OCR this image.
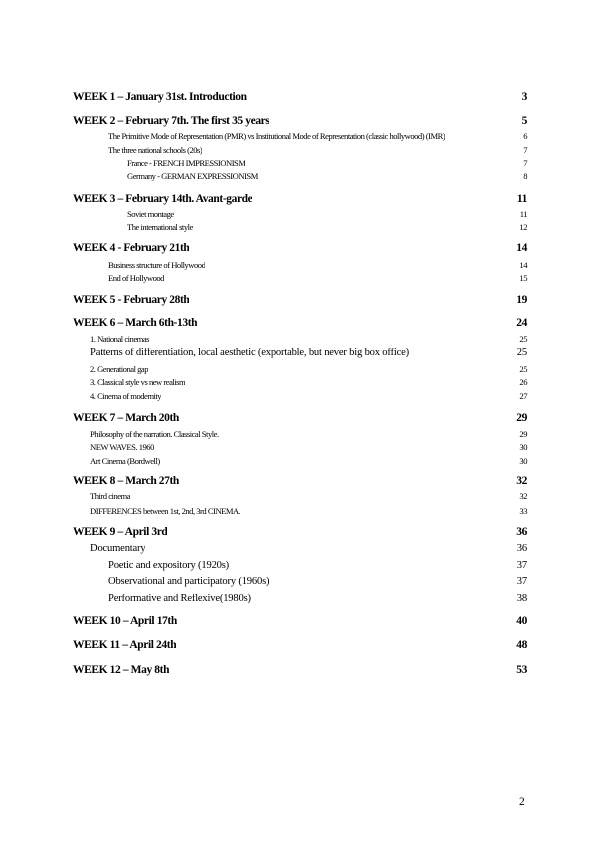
WEEK 1 – January 31st. Introduction	3
WEEK 2 – February 7th. The first 35 years	5
The Primitive Mode of Representation (PMR) vs Institutional Mode of Representation (classic hollywood) (IMR)	6
The three national schools (20s)	7
France - FRENCH IMPRESSIONISM	7
Germany - GERMAN EXPRESSIONISM	8
WEEK 3 – February 14th. Avant-garde	11
Soviet montage	11
The international style	12
WEEK 4 - February 21th	14
Business structure of Hollywood	14
End of Hollywood	15
WEEK 5 - February 28th	19
WEEK 6 – March 6th-13th	24
1. National cinemas	25
Patterns of differentiation, local aesthetic (exportable, but never big box office)	25
2. Generational gap	25
3. Classical style vs new realism	26
4. Cinema of modernity	27
WEEK 7 – March 20th	29
Philosophy of the narration. Classical Style.	29
NEW WAVES. 1960	30
Art Cinema (Bordwell)	30
WEEK 8 – March 27th	32
Third cinema	32
DIFFERENCES between 1st, 2nd, 3rd CINEMA.	33
WEEK 9 – April 3rd	36
Documentary	36
Poetic and expository (1920s)	37
Observational and participatory (1960s)	37
Performative and Reflexive(1980s)	38
WEEK 10 – April 17th	40
WEEK 11 – April 24th	48
WEEK 12 – May 8th	53
2
